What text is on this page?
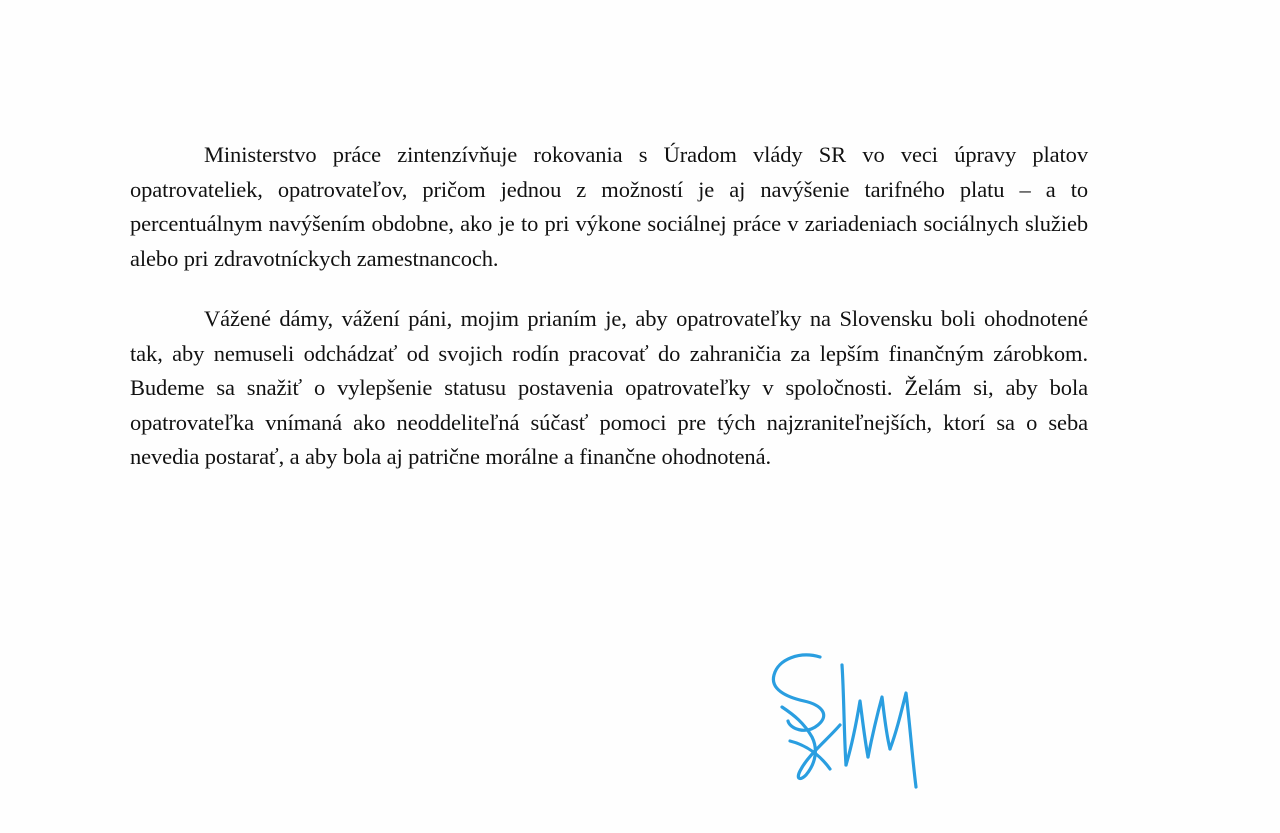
Ministerstvo práce zintenzívňuje rokovania s Úradom vlády SR vo veci úpravy platov opatrovateliek, opatrovateľov, pričom jednou z možností je aj navýšenie tarifného platu – a to percentuálnym navýšením obdobne, ako je to pri výkone sociálnej práce v zariadeniach sociálnych služieb alebo pri zdravotníckych zamestnancoch.

Vážené dámy, vážení páni, mojim prianím je, aby opatrovateľky na Slovensku boli ohodnotené tak, aby nemuseli odchádzať od svojich rodín pracovať do zahraničia za lepším finančným zárobkom. Budeme sa snažiť o vylepšenie statusu postavenia opatrovateľky v spoločnosti. Želám si, aby bola opatrovateľka vnímaná ako neoddeliteľná súčasť pomoci pre tých najzraniteľnejších, ktorí sa o seba nevedia postarať, a aby bola aj patrične morálne a finančne ohodnotená.
